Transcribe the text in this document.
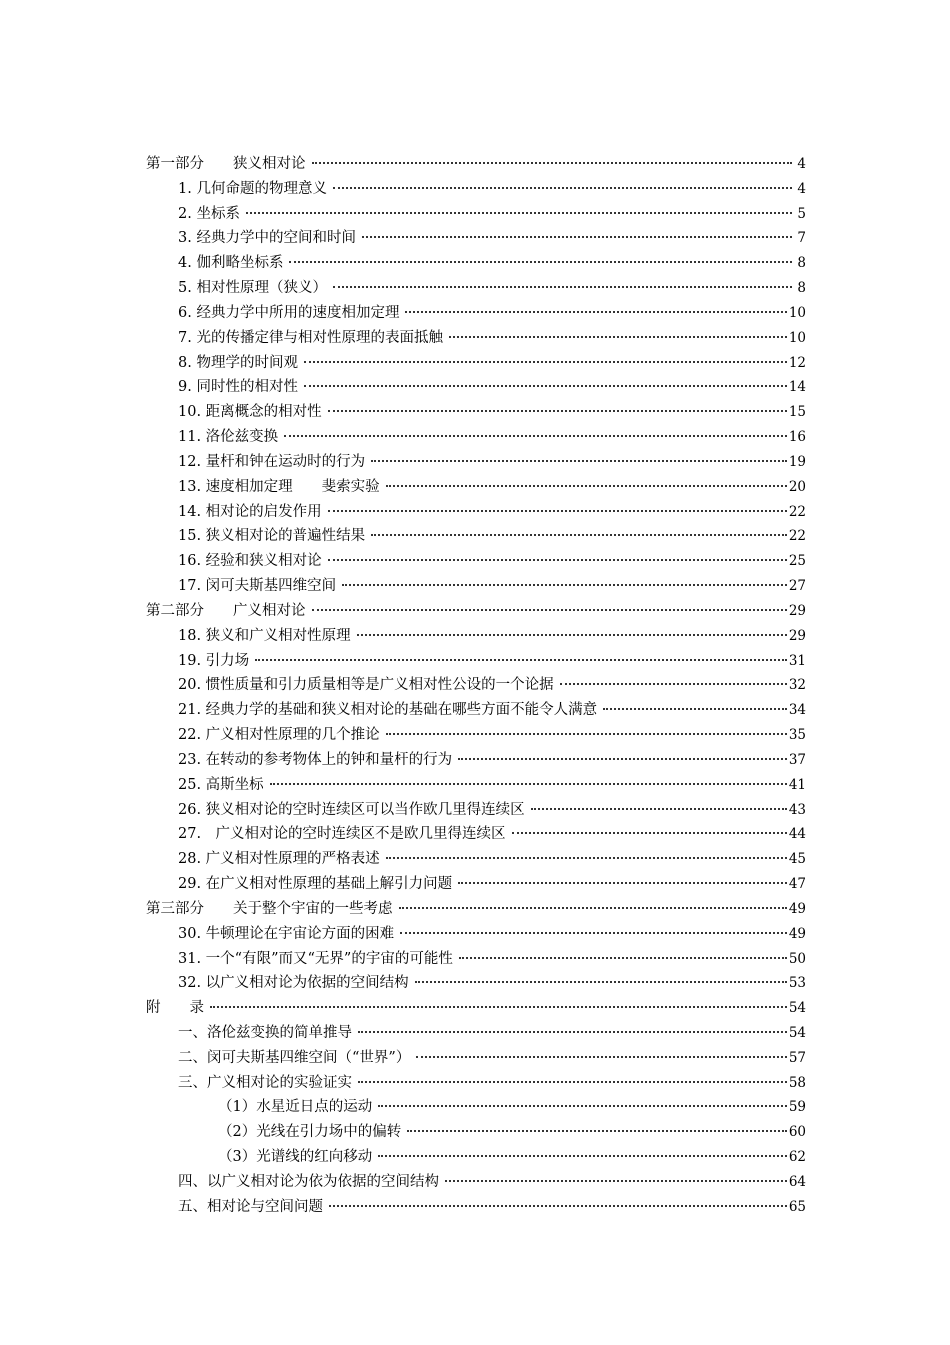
第一部分　　狭义相对论	4
1. 几何命题的物理意义	4
2. 坐标系	5
3. 经典力学中的空间和时间	7
4. 伽利略坐标系	8
5. 相对性原理（狭义）	8
6. 经典力学中所用的速度相加定理	10
7. 光的传播定律与相对性原理的表面抵触	10
8. 物理学的时间观	12
9. 同时性的相对性	14
10. 距离概念的相对性	15
11. 洛伦兹变换	16
12. 量杆和钟在运动时的行为	19
13. 速度相加定理　　斐索实验	20
14. 相对论的启发作用	22
15. 狭义相对论的普遍性结果	22
16. 经验和狭义相对论	25
17. 闵可夫斯基四维空间	27
第二部分　　广义相对论	29
18. 狭义和广义相对性原理	29
19. 引力场	31
20. 惯性质量和引力质量相等是广义相对性公设的一个论据	32
21. 经典力学的基础和狭义相对论的基础在哪些方面不能令人满意	34
22. 广义相对性原理的几个推论	35
23. 在转动的参考物体上的钟和量杆的行为	37
25. 高斯坐标	41
26. 狭义相对论的空时连续区可以当作欧几里得连续区	43
27.　广义相对论的空时连续区不是欧几里得连续区	44
28. 广义相对性原理的严格表述	45
29. 在广义相对性原理的基础上解引力问题	47
第三部分　　关于整个宇宙的一些考虑	49
30. 牛顿理论在宇宙论方面的困难	49
31. 一个“有限”而又“无界”的宇宙的可能性	50
32. 以广义相对论为依据的空间结构	53
附　　录	54
一、洛伦兹变换的简单推导	54
二、闵可夫斯基四维空间（“世界”）	57
三、广义相对论的实验证实	58
（1）水星近日点的运动	59
（2）光线在引力场中的偏转	60
（3）光谱线的红向移动	62
四、以广义相对论为依为依据的空间结构	64
五、相对论与空间问题	65
